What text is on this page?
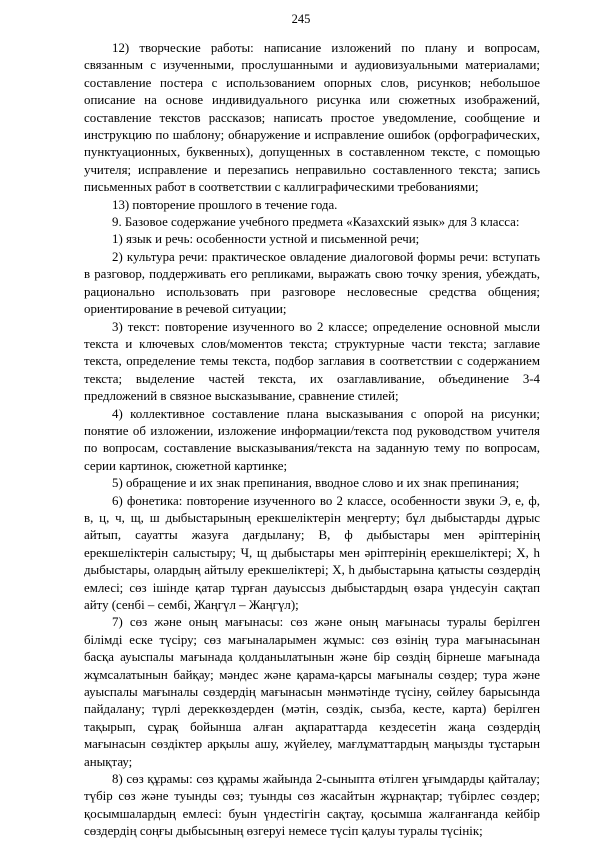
245

12) творческие работы: написание изложений по плану и вопросам, связанным с изученными, прослушанными и аудиовизуальными материалами; составление постера с использованием опорных слов, рисунков; небольшое описание на основе индивидуального рисунка или сюжетных изображений, составление текстов рассказов; написать простое уведомление, сообщение и инструкцию по шаблону; обнаружение и исправление ошибок (орфографических, пунктуационных, буквенных), допущенных в составленном тексте, с помощью учителя; исправление и перезапись неправильно составленного текста; запись письменных работ в соответствии с каллиграфическими требованиями;

13) повторение прошлого в течение года.

9. Базовое содержание учебного предмета «Казахский язык» для 3 класса:

1) язык и речь: особенности устной и письменной речи;

2) культура речи: практическое овладение диалоговой формы речи: вступать в разговор, поддерживать его репликами, выражать свою точку зрения, убеждать, рационально использовать при разговоре несловесные средства общения; ориентирование в речевой ситуации;

3) текст: повторение изученного во 2 классе; определение основной мысли текста и ключевых слов/моментов текста; структурные части текста; заглавие текста, определение темы текста, подбор заглавия в соответствии с содержанием текста; выделение частей текста, их озаглавливание, объединение 3-4 предложений в связное высказывание, сравнение стилей;

4) коллективное составление плана высказывания с опорой на рисунки; понятие об изложении, изложение информации/текста под руководством учителя по вопросам, составление высказывания/текста на заданную тему по вопросам, серии картинок, сюжетной картинке;

5) обращение и их знак препинания, вводное слово и их знак препинания;

6) фонетика: повторение изученного во 2 классе, особенности звуки Э, е, ф, в, ц, ч, щ, ш дыбыстарының ерекшеліктерін меңгерту; бұл дыбыстарды дұрыс айтып, сауатты жазуға дағдылану; В, ф дыбыстары мен әріптерінің ерекшеліктерін салыстыру; Ч, щ дыбыстары мен әріптерінің ерекшеліктері; Х, һ дыбыстары, олардың айтылу ерекшеліктері; Х, һ дыбыстарына қатысты сөздердің емлесі; сөз ішінде қатар тұрған дауыссыз дыбыстардың өзара үндесуін сақтап айту (сенбі – сембі, Жаңгүл – Жаңгүл);

7) сөз және оның мағынасы: сөз және оның мағынасы туралы берілген білімді еске түсіру; сөз мағыналарымен жұмыс: сөз өзінің тура мағынасынан басқа ауыспалы мағынада қолданылатынын және бір сөздің бірнеше мағынада жұмсалатынын байқау; мәндес және қарама-қарсы мағыналы сөздер; тура және ауыспалы мағыналы сөздердің мағынасын мәнмәтінде түсіну, сөйлеу барысында пайдалану; түрлі дереккөздерден (мәтін, сөздік, сызба, кесте, карта) берілген тақырып, сұрақ бойынша алған ақпараттарда кездесетін жаңа сөздердің мағынасын сөздіктер арқылы ашу, жүйелеу, мағлұматтардың маңызды тұстарын анықтау;

8) сөз құрамы: сөз құрамы жайында 2-сыныпта өтілген ұғымдарды қайталау; түбір сөз және туынды сөз; туынды сөз жасайтын жұрнақтар; түбірлес сөздер; қосымшалардың емлесі: буын үндестігін сақтау, қосымша жалғанғанда кейбір сөздердің соңғы дыбысының өзгеруі немесе түсіп қалуы туралы түсінік;
